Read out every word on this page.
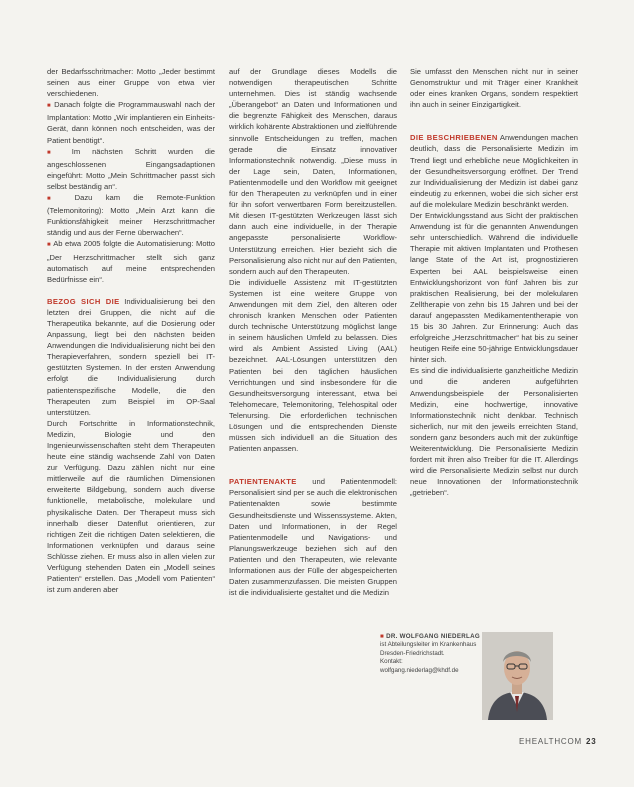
der Bedarfsschritmacher: Motto „Jeder bestimmt seinen aus einer Gruppe von etwa vier verschiedenen.

■ Danach folgte die Programmauswahl nach der Implantation: Motto „Wir implantieren ein Einheits-Gerät, dann können noch entscheiden, was der Patient benötigt“.

■ Im nächsten Schritt wurden die angeschlossenen Eingangsadaptionen eingeführt: Motto „Mein Schrittmacher passt sich selbst beständig an“.

■ Dazu kam die Remote-Funktion (Telemonitoring): Motto „Mein Arzt kann die Funktionsfähigkeit meiner Herzschrittmacher ständig und aus der Ferne überwachen“.

■ Ab etwa 2005 folgte die Automatisierung: Motto „Der Herzschrittmacher stellt sich ganz automatisch auf meine entsprechenden Bedürfnisse ein“.

BEZOG SICH DIE Individualisierung bei den letzten drei Gruppen, die nicht auf die Therapeutika bekannte, auf die Dosierung oder Anpassung, liegt bei den nächsten beiden Anwendungen die Individualisierung nicht bei den Therapieverfahren, sondern speziell bei IT-gestützten Systemen. In der ersten Anwendung erfolgt die Individualisierung durch patientenspezifische Modelle, die den Therapeuten zum Beispiel im OP-Saal unterstützen.

Durch Fortschritte in Informationstechnik, Medizin, Biologie und den Ingenieurwissenschaften steht dem Therapeuten heute eine ständig wachsende Zahl von Daten zur Verfügung. Dazu zählen nicht nur eine mittlerweile auf die räumlichen Dimensionen erweiterte Bildgebung, sondern auch diverse funktionelle, metabolische, molekulare und physikalische Daten. Der Therapeut muss sich innerhalb dieser Datenflut orientieren, zur richtigen Zeit die richtigen Daten selektieren, die Informationen verknüpfen und daraus seine Schlüsse ziehen. Er muss also in allen vielen zur Verfügung stehenden Daten ein „Modell seines Patienten“ erstellen. Das „Modell vom Patienten“ ist zum anderen aber

auf der Grundlage dieses Modells die notwendigen therapeutischen Schritte unternehmen. Dies ist ständig wachsende „Überangebot“ an Daten und Informationen und die begrenzte Fähigkeit des Menschen, daraus wirklich kohärente Abstraktionen und zielführende sinnvolle Entscheidungen zu treffen, machen gerade die Einsatz innovativer Informationstechnik notwendig. „Diese muss in der Lage sein, Daten, Informationen, Patientenmodelle und den Workflow mit geeignet für den Therapeuten zu verknüpfen und in einer für ihn sofort verwertbaren Form bereitzustellen. Mit diesen IT-gestützten Werkzeugen lässt sich dann auch eine individuelle, in der Therapie angepasste personalisierte Workflow-Unterstützung erreichen. Hier bezieht sich die Personalisierung also nicht nur auf den Patienten, sondern auch auf den Therapeuten.

Die individuelle Assistenz mit IT-gestützten Systemen ist eine weitere Gruppe von Anwendungen mit dem Ziel, den älteren oder chronisch kranken Menschen oder Patienten durch technische Unterstützung möglichst lange in seinem häuslichen Umfeld zu belassen. Dies wird als Ambient Assisted Living (AAL) bezeichnet. AAL-Lösungen unterstützen den Patienten bei den täglichen häuslichen Verrichtungen und sind insbesondere für die Gesundheitsversorgung interessant, etwa bei Telehomecare, Telemonitoring, Telehospital oder Telenursing. Die erforderlichen technischen Lösungen und die entsprechenden Dienste müssen sich individuell an die Situation des Patienten anpassen.

PATIENTENAKTE und Patientenmodell: Personalisiert sind per se auch die elektronischen Patientenakten sowie bestimmte Gesundheitsdienste und Wissenssysteme. Akten, Daten und Informationen, in der Regel Patientenmodelle und Navigations- und Planungswerkzeuge beziehen sich auf den Patienten und den Therapeuten, wie relevante Informationen aus der Fülle der abgespeicherten Daten zusammenzufassen. Die meisten Gruppen ist die individualisierte gestaltet und die Medizin

Sie umfasst den Menschen nicht nur in seiner Genomstruktur und mit Träger einer Krankheit oder eines kranken Organs, sondern respektiert ihn auch in seiner Einzigartigkeit.

DIE BESCHRIEBENEN Anwendungen machen deutlich, dass die Personalisierte Medizin im Trend liegt und erhebliche neue Möglichkeiten in der Gesundheitsversorgung eröffnet. Der Trend zur Individualisierung der Medizin ist dabei ganz eindeutig zu erkennen, wobei die sich sicher erst auf die molekulare Medizin beschränkt werden.

Der Entwicklungsstand aus Sicht der praktischen Anwendung ist für die genannten Anwendungen sehr unterschiedlich. Während die individuelle Therapie mit aktiven Implantaten und Prothesen lange State of the Art ist, prognostizieren Experten bei AAL beispielsweise einen Entwicklungshorizont von fünf Jahren bis zur praktischen Realisierung, bei der molekularen Zelltherapie von zehn bis 15 Jahren und bei der darauf angepassten Medikamententherapie von 15 bis 30 Jahren. Zur Erinnerung: Auch das erfolgreiche „Herzschrittmacher“ hat bis zu seiner heutigen Reife eine 50-jährige Entwicklungsdauer hinter sich.

Es sind die individualisierte ganzheitliche Medizin und die anderen aufgeführten Anwendungsbeispiele der Personalisierten Medizin, eine hochwertige, innovative Informationstechnik nicht denkbar. Technisch sicherlich, nur mit den jeweils erreichten Stand, sondern ganz besonders auch mit der zukünftige Weiterentwicklung. Die Personalisierte Medizin fordert mit ihren also Treiber für die IT. Allerdings wird die Personalisierte Medizin selbst nur durch neue Innovationen der Informationstechnik „getrieben“.

■ DR. WOLFGANG NIEDERLAG
ist Abteilungsleiter im Krankenhaus Dresden-Friedrichstadt.
Kontakt:
wolfgang.niederlag@khdf.de
EHEALTHCOM 23
